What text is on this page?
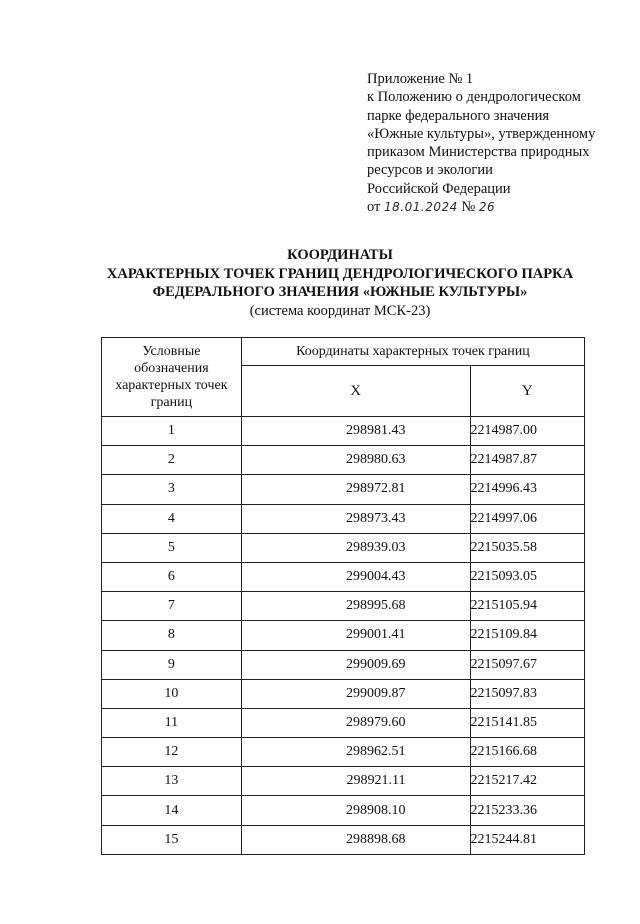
Приложение № 1
к Положению о дендрологическом
парке федерального значения
«Южные культуры», утвержденному
приказом Министерства природных
ресурсов и экологии
Российской Федерации
от 18.01.2024 № 26
КООРДИНАТЫ
ХАРАКТЕРНЫХ ТОЧЕК ГРАНИЦ ДЕНДРОЛОГИЧЕСКОГО ПАРКА
ФЕДЕРАЛЬНОГО ЗНАЧЕНИЯ «ЮЖНЫЕ КУЛЬТУРЫ»
(система координат МСК-23)
Условные
обозначения
характерных точек
границ	Координаты характерных точек границ	
	X	Y
1	298981.43	2214987.00
2	298980.63	2214987.87
3	298972.81	2214996.43
4	298973.43	2214997.06
5	298939.03	2215035.58
6	299004.43	2215093.05
7	298995.68	2215105.94
8	299001.41	2215109.84
9	299009.69	2215097.67
10	299009.87	2215097.83
11	298979.60	2215141.85
12	298962.51	2215166.68
13	298921.11	2215217.42
14	298908.10	2215233.36
15	298898.68	2215244.81
